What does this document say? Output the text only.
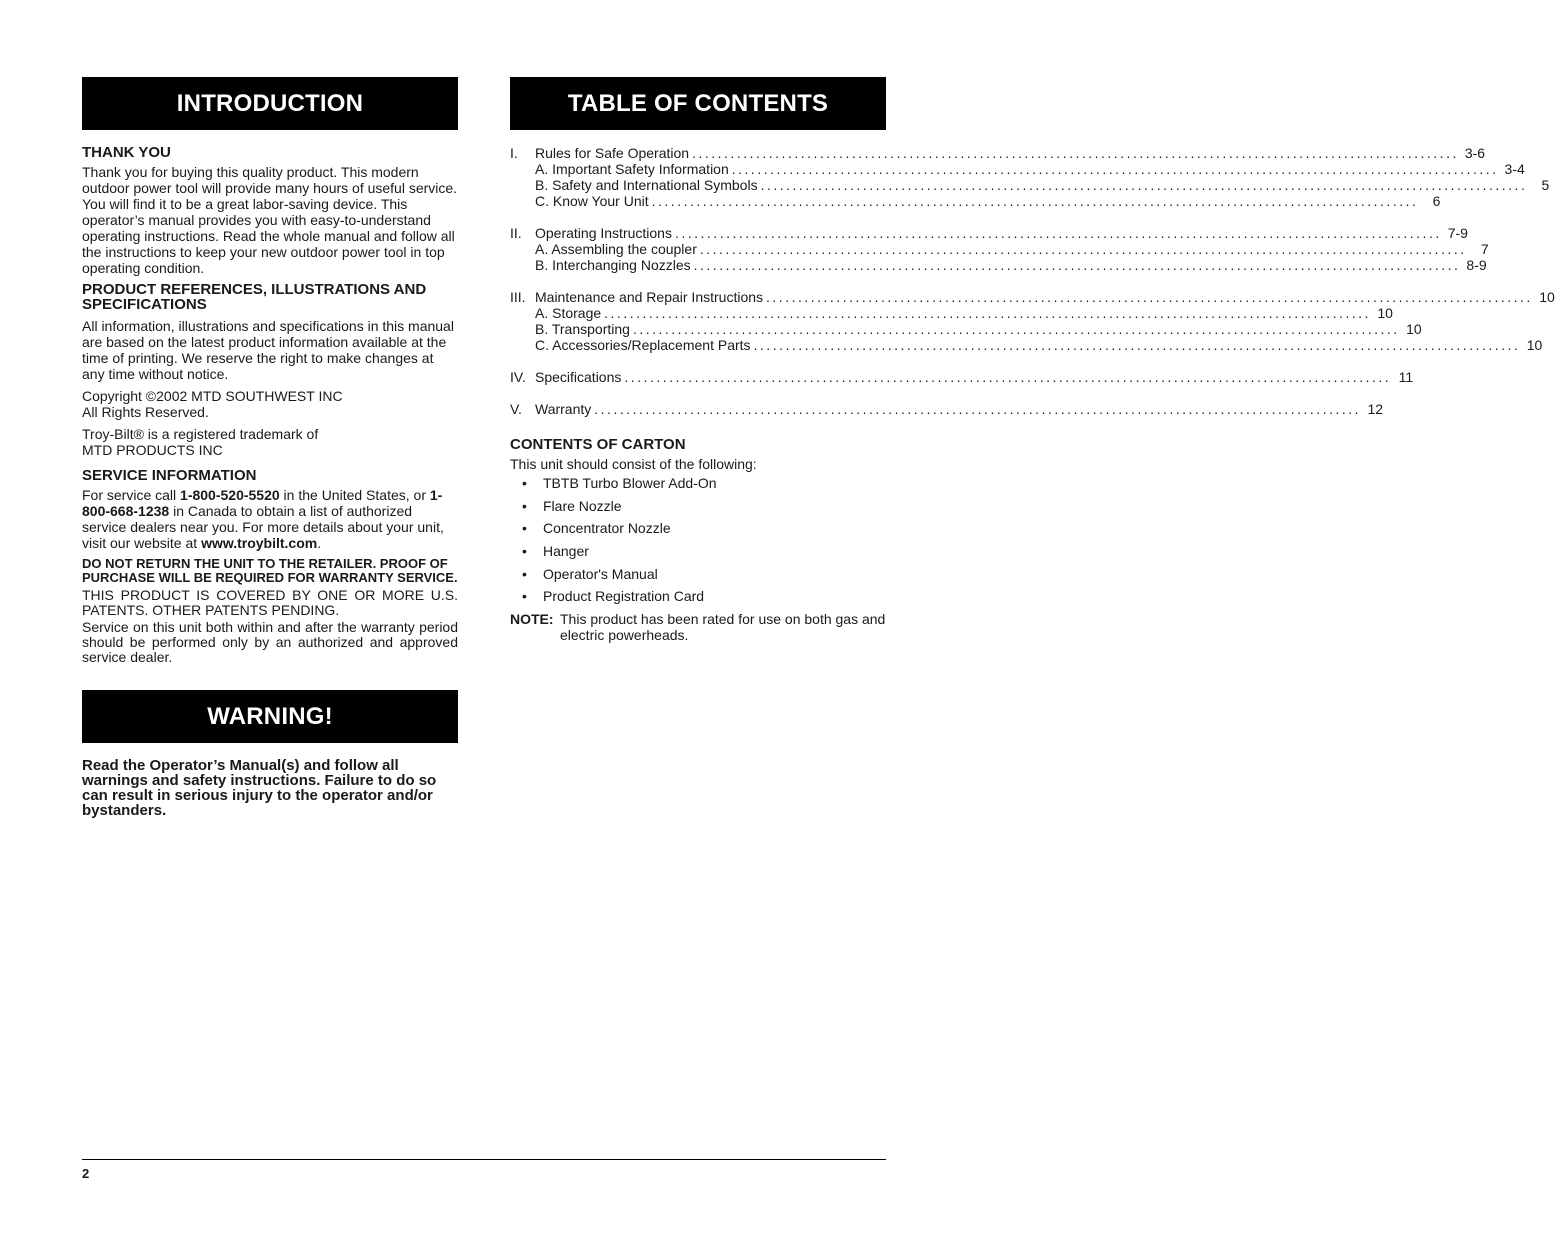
INTRODUCTION
THANK YOU

Thank you for buying this quality product. This modern outdoor power tool will provide many hours of useful service. You will find it to be a great labor-saving device. This operator’s manual provides you with easy-to-understand operating instructions. Read the whole manual and follow all the instructions to keep your new outdoor power tool in top operating condition.

PRODUCT REFERENCES, ILLUSTRATIONS AND SPECIFICATIONS

All information, illustrations and specifications in this manual are based on the latest product information available at the time of printing. We reserve the right to make changes at any time without notice.

Copyright ©2002 MTD SOUTHWEST INC

All Rights Reserved.

Troy-Bilt® is a registered trademark of

MTD PRODUCTS INC

SERVICE INFORMATION

For service call 1-800-520-5520 in the United States, or 1-800-668-1238 in Canada to obtain a list of authorized service dealers near you. For more details about your unit, visit our website at www.troybilt.com.

DO NOT RETURN THE UNIT TO THE RETAILER. PROOF OF PURCHASE WILL BE REQUIRED FOR WARRANTY SERVICE.

THIS PRODUCT IS COVERED BY ONE OR MORE U.S. PATENTS. OTHER PATENTS PENDING.

Service on this unit both within and after the warranty period should be performed only by an authorized and approved service dealer.

WARNING!

Read the Operator’s Manual(s) and follow all warnings and safety instructions. Failure to do so can result in serious injury to the operator and/or bystanders.

TABLE OF CONTENTS
I.	Rules for Safe Operation ........................................................................................................................ 3-6
A. Important Safety Information ........................................................................................................................ 3-4
B. Safety and International Symbols ........................................................................................................................	5
C. Know Your Unit ........................................................................................................................	6
II. Operating Instructions ........................................................................................................................ 7-9
A. Assembling the coupler ........................................................................................................................	7
B. Interchanging Nozzles ........................................................................................................................ 8-9
III. Maintenance and Repair Instructions ........................................................................................................................ 10
A. Storage ........................................................................................................................ 10
B. Transporting ........................................................................................................................ 10
C. Accessories/Replacement Parts ........................................................................................................................ 10
IV. Specifications ........................................................................................................................ 11
V. Warranty ........................................................................................................................ 12
CONTENTS OF CARTON

This unit should consist of the following:

• TBTB Turbo Blower Add-On
• Flare Nozzle
• Concentrator Nozzle
• Hanger
• Operator's Manual
• Product Registration Card
NOTE: This product has been rated for use on both gas and electric powerheads.
2
